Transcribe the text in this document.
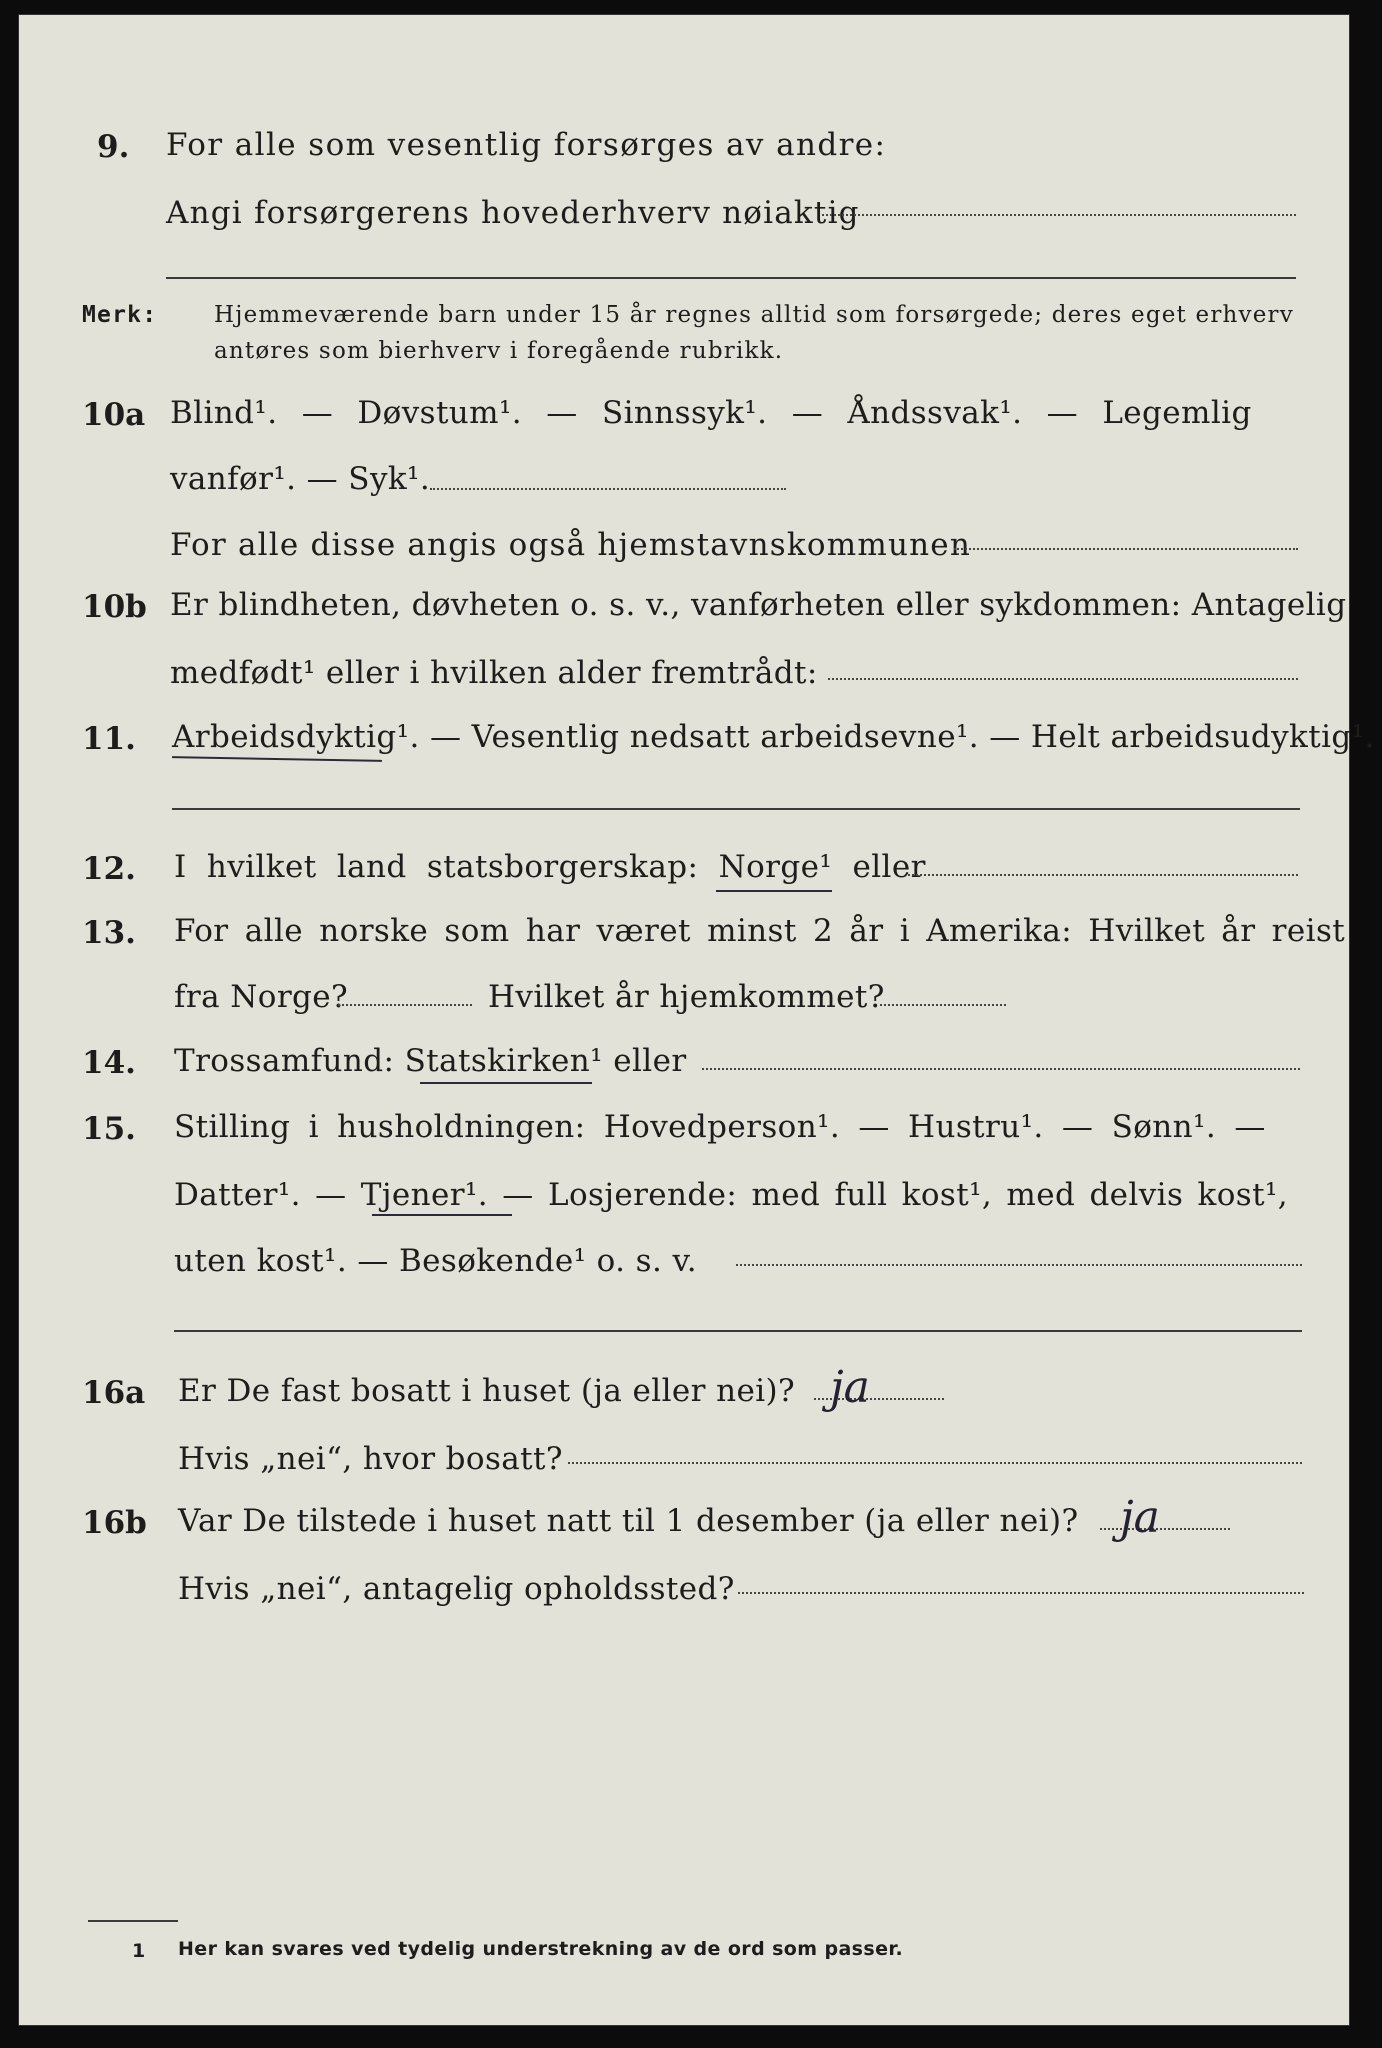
9. For alle som vesentlig forsørges av andre:
Angi forsørgerens hovederhverv nøiaktig
Merk: Hjemmeværende barn under 15 år regnes alltid som forsørgede; deres eget erhverv
antøres som bierhverv i foregående rubrikk.
10a Blind¹. — Døvstum¹. — Sinnssyk¹. — Åndssvak¹. — Legemlig
vanfør¹. — Syk¹.
For alle disse angis også hjemstavnskommunen
10b Er blindheten, døvheten o. s. v., vanførheten eller sykdommen: Antagelig
medfødt¹ eller i hvilken alder fremtrådt:
11. Arbeidsdyktig¹. — Vesentlig nedsatt arbeidsevne¹. — Helt arbeidsudyktig¹.
12. I hvilket land statsborgerskap: Norge¹ eller
13. For alle norske som har været minst 2 år i Amerika: Hvilket år reist
fra Norge?	Hvilket år hjemkommet?
14. Trossamfund: Statskirken¹ eller
15. Stilling i husholdningen: Hovedperson¹. — Hustru¹. — Sønn¹. —
Datter¹. — Tjener¹. — Losjerende: med full kost¹, med delvis kost¹,
uten kost¹. — Besøkende¹ o. s. v.
16a Er De fast bosatt i huset (ja eller nei)? ja
Hvis „nei“, hvor bosatt?
16b Var De tilstede i huset natt til 1 desember (ja eller nei)? ja
Hvis „nei“, antagelig opholdssted?
1 Her kan svares ved tydelig understrekning av de ord som passer.
